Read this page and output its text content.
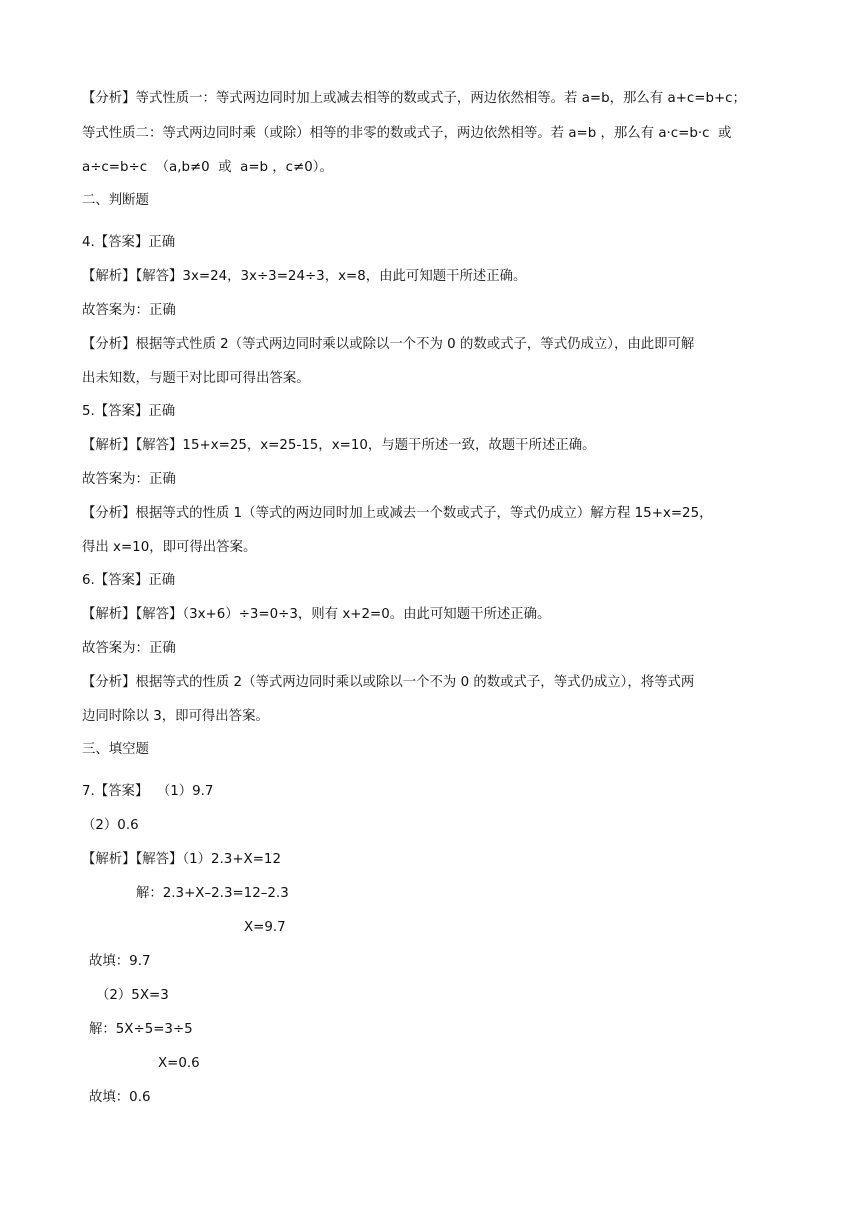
【分析】等式性质一：等式两边同时加上或减去相等的数或式子，两边依然相等。若 a=b，那么有 a+c=b+c；
等式性质二：等式两边同时乘（或除）相等的非零的数或式子，两边依然相等。若 a=b ，那么有 a·c=b·c  或
a÷c=b÷c  （a,b≠0  或  a=b ，c≠0）。
二、判断题
4.【答案】正确
【解析】【解答】3x=24，3x÷3=24÷3，x=8，由此可知题干所述正确。
故答案为：正确
【分析】根据等式性质 2（等式两边同时乘以或除以一个不为 0 的数或式子，等式仍成立），由此即可解
出未知数，与题干对比即可得出答案。
5.【答案】正确
【解析】【解答】15+x=25，x=25-15，x=10，与题干所述一致，故题干所述正确。
故答案为：正确
【分析】根据等式的性质 1（等式的两边同时加上或减去一个数或式子，等式仍成立）解方程 15+x=25，
得出 x=10，即可得出答案。
6.【答案】正确
【解析】【解答】（3x+6）÷3=0÷3，则有 x+2=0。由此可知题干所述正确。
故答案为：正确
【分析】根据等式的性质 2（等式两边同时乘以或除以一个不为 0 的数或式子，等式仍成立），将等式两
边同时除以 3，即可得出答案。
三、填空题
7.【答案】  （1）9.7
（2）0.6
【解析】【解答】（1）2.3+X=12
解：2.3+X–2.3=12–2.3
X=9.7
故填：9.7
（2）5X=3
解：5X÷5=3÷5
X=0.6
故填：0.6
